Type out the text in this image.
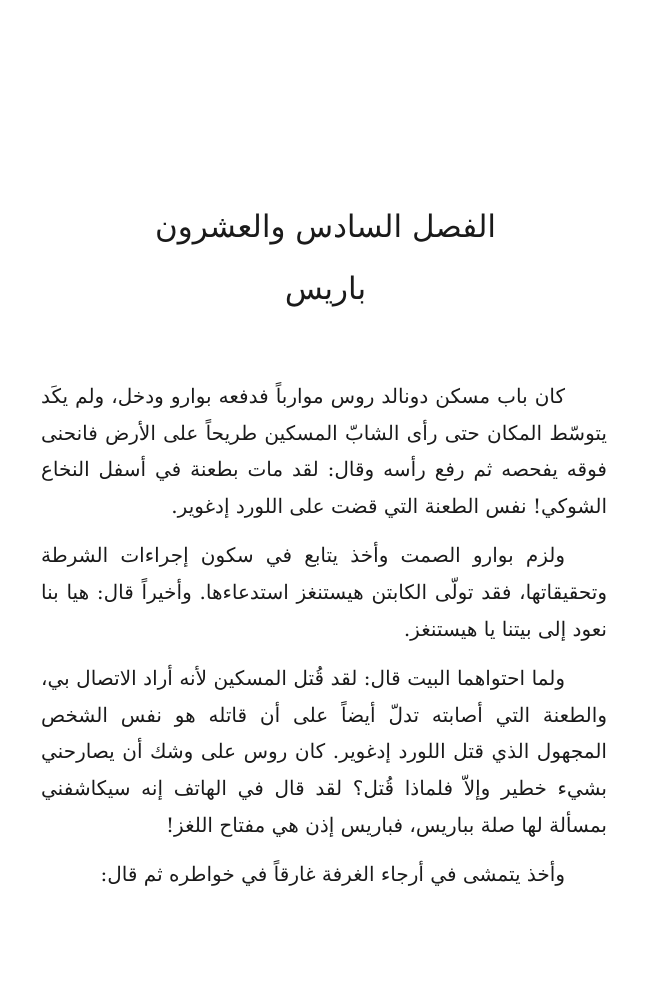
الفصل السادس والعشرون
باريس

كان باب مسكن دونالد روس موارباً فدفعه بوارو ودخل، ولم يكَد يتوسّط المكان حتى رأى الشابّ المسكين طريحاً على الأرض فانحنى فوقه يفحصه ثم رفع رأسه وقال: لقد مات بطعنة في أسفل النخاع الشوكي! نفس الطعنة التي قضت على اللورد إدغوير.

ولزم بوارو الصمت وأخذ يتابع في سكون إجراءات الشرطة وتحقيقاتها، فقد تولّى الكابتن هيستنغز استدعاءها. وأخيراً قال: هيا بنا نعود إلى بيتنا يا هيستنغز.

ولما احتواهما البيت قال: لقد قُتل المسكين لأنه أراد الاتصال بي، والطعنة التي أصابته تدلّ أيضاً على أن قاتله هو نفس الشخص المجهول الذي قتل اللورد إدغوير. كان روس على وشك أن يصارحني بشيء خطير وإلاّ فلماذا قُتل؟ لقد قال في الهاتف إنه سيكاشفني بمسألة لها صلة بباريس، فباريس إذن هي مفتاح اللغز!

وأخذ يتمشى في أرجاء الغرفة غارقاً في خواطره ثم قال:
